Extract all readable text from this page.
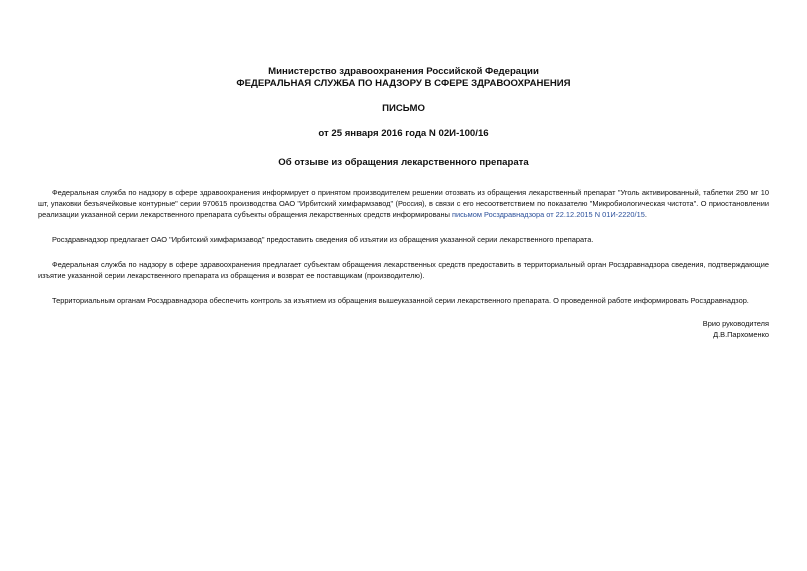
Министерство здравоохранения Российской Федерации
ФЕДЕРАЛЬНАЯ СЛУЖБА ПО НАДЗОРУ В СФЕРЕ ЗДРАВООХРАНЕНИЯ
ПИСЬМО
от 25 января 2016 года N 02И-100/16
Об отзыве из обращения лекарственного препарата

Федеральная служба по надзору в сфере здравоохранения информирует о принятом производителем решении отозвать из обращения лекарственный препарат "Уголь активированный, таблетки 250 мг 10 шт, упаковки безъячейковые контурные" серии 970615 производства ОАО "Ирбитский химфармзавод" (Россия), в связи с его несоответствием по показателю "Микробиологическая чистота". О приостановлении реализации указанной серии лекарственного препарата субъекты обращения лекарственных средств информированы письмом Росздравнадзора от 22.12.2015 N 01И-2220/15.

Росздравнадзор предлагает ОАО "Ирбитский химфармзавод" предоставить сведения об изъятии из обращения указанной серии лекарственного препарата.

Федеральная служба по надзору в сфере здравоохранения предлагает субъектам обращения лекарственных средств предоставить в территориальный орган Росздравнадзора сведения, подтверждающие изъятие указанной серии лекарственного препарата из обращения и возврат ее поставщикам (производителю).

Территориальным органам Росздравнадзора обеспечить контроль за изъятием из обращения вышеуказанной серии лекарственного препарата. О проведенной работе информировать Росздравнадзор.

Врио руководителя
Д.В.Пархоменко
